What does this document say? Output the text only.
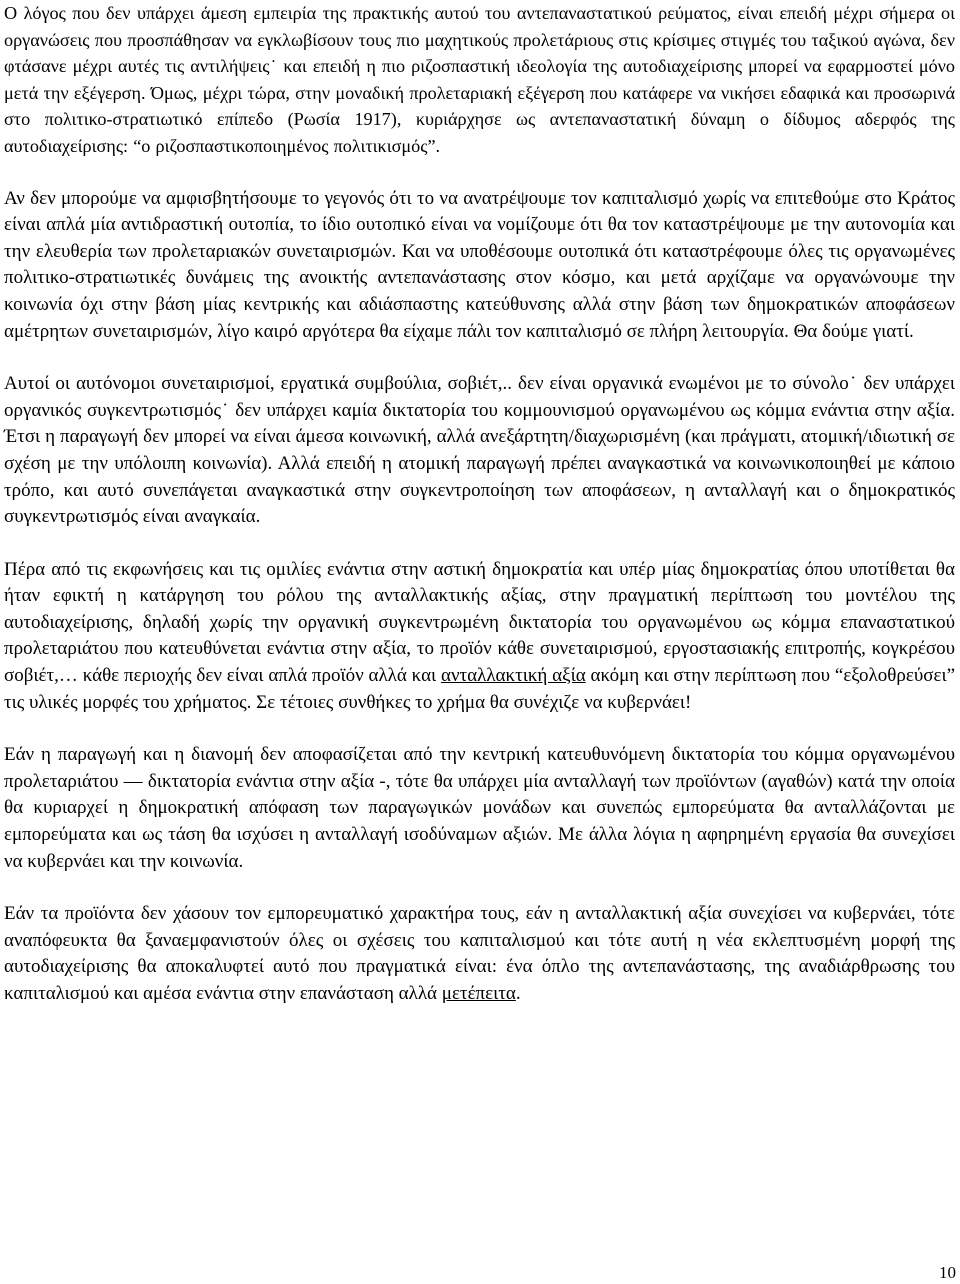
Ο λόγος που δεν υπάρχει άμεση εμπειρία της πρακτικής αυτού του αντεπαναστατικού ρεύματος, είναι επειδή μέχρι σήμερα οι οργανώσεις που προσπάθησαν να εγκλωβίσουν τους πιο μαχητικούς προλετάριους στις κρίσιμες στιγμές του ταξικού αγώνα, δεν φτάσανε μέχρι αυτές τις αντιλήψεις˙ και επειδή η πιο ριζοσπαστική ιδεολογία της αυτοδιαχείρισης μπορεί να εφαρμοστεί μόνο μετά την εξέγερση. Όμως, μέχρι τώρα, στην μοναδική προλεταριακή εξέγερση που κατάφερε να νικήσει εδαφικά και προσωρινά στο πολιτικο-στρατιωτικό επίπεδο (Ρωσία 1917), κυριάρχησε ως αντεπαναστατική δύναμη ο δίδυμος αδερφός της αυτοδιαχείρισης: “ο ριζοσπαστικοποιημένος πολιτικισμός”.

Αν δεν μπορούμε να αμφισβητήσουμε το γεγονός ότι το να ανατρέψουμε τον καπιταλισμό χωρίς να επιτεθούμε στο Κράτος είναι απλά μία αντιδραστική ουτοπία, το ίδιο ουτοπικό είναι να νομίζουμε ότι θα τον καταστρέψουμε με την αυτονομία και την ελευθερία των προλεταριακών συνεταιρισμών. Και να υποθέσουμε ουτοπικά ότι καταστρέφουμε όλες τις οργανωμένες πολιτικο-στρατιωτικές δυνάμεις της ανοικτής αντεπανάστασης στον κόσμο, και μετά αρχίζαμε να οργανώνουμε την κοινωνία όχι στην βάση μίας κεντρικής και αδιάσπαστης κατεύθυνσης αλλά στην βάση των δημοκρατικών αποφάσεων αμέτρητων συνεταιρισμών, λίγο καιρό αργότερα θα είχαμε πάλι τον καπιταλισμό σε πλήρη λειτουργία. Θα δούμε γιατί.

Αυτοί οι αυτόνομοι συνεταιρισμοί, εργατικά συμβούλια, σοβιέτ,.. δεν είναι οργανικά ενωμένοι με το σύνολο˙ δεν υπάρχει οργανικός συγκεντρωτισμός˙ δεν υπάρχει καμία δικτατορία του κομμουνισμού οργανωμένου ως κόμμα ενάντια στην αξία. Έτσι η παραγωγή δεν μπορεί να είναι άμεσα κοινωνική, αλλά ανεξάρτητη/διαχωρισμένη (και πράγματι, ατομική/ιδιωτική σε σχέση με την υπόλοιπη κοινωνία). Αλλά επειδή η ατομική παραγωγή πρέπει αναγκαστικά να κοινωνικοποιηθεί με κάποιο τρόπο, και αυτό συνεπάγεται αναγκαστικά στην συγκεντροποίηση των αποφάσεων, η ανταλλαγή και ο δημοκρατικός συγκεντρωτισμός είναι αναγκαία.

Πέρα από τις εκφωνήσεις και τις ομιλίες ενάντια στην αστική δημοκρατία και υπέρ μίας δημοκρατίας όπου υποτίθεται θα ήταν εφικτή η κατάργηση του ρόλου της ανταλλακτικής αξίας, στην πραγματική περίπτωση του μοντέλου της αυτοδιαχείρισης, δηλαδή χωρίς την οργανική συγκεντρωμένη δικτατορία του οργανωμένου ως κόμμα επαναστατικού προλεταριάτου που κατευθύνεται ενάντια στην αξία, το προϊόν κάθε συνεταιρισμού, εργοστασιακής επιτροπής, κογκρέσου σοβιέτ,… κάθε περιοχής δεν είναι απλά προϊόν αλλά και ανταλλακτική αξία ακόμη και στην περίπτωση που “εξολοθρεύσει” τις υλικές μορφές του χρήματος. Σε τέτοιες συνθήκες το χρήμα θα συνέχιζε να κυβερνάει!

Εάν η παραγωγή και η διανομή δεν αποφασίζεται από την κεντρική κατευθυνόμενη δικτατορία του κόμμα οργανωμένου προλεταριάτου — δικτατορία ενάντια στην αξία -, τότε θα υπάρχει μία ανταλλαγή των προϊόντων (αγαθών) κατά την οποία θα κυριαρχεί η δημοκρατική απόφαση των παραγωγικών μονάδων και συνεπώς εμπορεύματα θα ανταλλάζονται με εμπορεύματα και ως τάση θα ισχύσει η ανταλλαγή ισοδύναμων αξιών. Με άλλα λόγια η αφηρημένη εργασία θα συνεχίσει να κυβερνάει και την κοινωνία.

Εάν τα προϊόντα δεν χάσουν τον εμπορευματικό χαρακτήρα τους, εάν η ανταλλακτική αξία συνεχίσει να κυβερνάει, τότε αναπόφευκτα θα ξαναεμφανιστούν όλες οι σχέσεις του καπιταλισμού και τότε αυτή η νέα εκλεπτυσμένη μορφή της αυτοδιαχείρισης θα αποκαλυφτεί αυτό που πραγματικά είναι: ένα όπλο της αντεπανάστασης, της αναδιάρθρωσης του καπιταλισμού και αμέσα ενάντια στην επανάσταση αλλά μετέπειτα.

10
